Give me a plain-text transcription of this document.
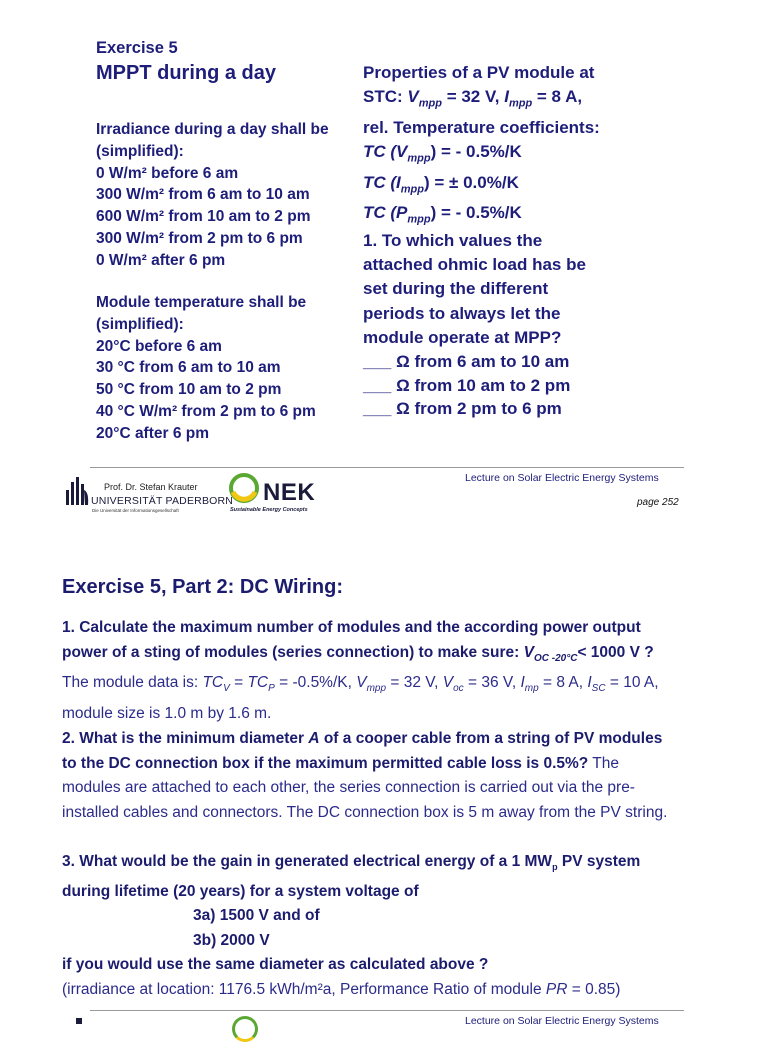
Exercise 5
MPPT during a day
Irradiance during a day shall be
(simplified):
0 W/m² before 6 am
300 W/m² from 6 am to 10 am
600 W/m² from 10 am to 2 pm
300 W/m² from 2 pm to 6 pm
0 W/m² after 6 pm
Module temperature shall be
(simplified):
20°C before 6 am
30 °C from 6 am to 10 am
50 °C from 10 am to 2 pm
40 °C W/m² from 2 pm to 6 pm
20°C after 6 pm
Properties of a PV module at
STC: $V_{mpp} = 32$ V, $I_{mpp} = 8$ A,
rel. Temperature coefficients:
TC $(V_{mpp})$ = - 0.5%/K
TC $(I_{mpp})$ = ± 0.0%/K
TC $(P_{mpp})$ = - 0.5%/K
1. To which values the
attached ohmic load has be
set during the different
periods to always let the
module operate at MPP?
___ Ω from 6 am to 10 am
___ Ω from 10 am to 2 pm
___ Ω from 2 pm to 6 pm
Prof. Dr. Stefan Krauter
UNIVERSITÄT PADERBORN
Die Universität der Informationsgesellschaft
NEK
Sustainable Energy Concepts
Lecture on Solar Electric Energy Systems
page 252
Exercise 5, Part 2: DC Wiring:
1. Calculate the maximum number of modules and the according power output
power of a sting of modules (series connection) to make sure: $V_{OC -20^\circ C}< 1000$ V ?
The module data is: $TC_V = TC_P = -0.5\%/K$, $V_{mpp} = 32$ V, $V_{oc} = 36$ V, $I_{mp} = 8$ A, $I_{SC} = 10$ A,
module size is 1.0 m by 1.6 m.
2. What is the minimum diameter A of a cooper cable from a string of PV modules
to the DC connection box if the maximum permitted cable loss is 0.5%? The
modules are attached to each other, the series connection is carried out via the pre-
installed cables and connectors. The DC connection box is 5 m away from the PV string.
3. What would be the gain in generated electrical energy of a 1 $MW_p$ PV system
during lifetime (20 years) for a system voltage of
3a) 1500 V and of
3b) 2000 V
if you would use the same diameter as calculated above ?
(irradiance at location: 1176.5 kWh/m²a, Performance Ratio of module PR = 0.85)
Lecture on Solar Electric Energy Systems
